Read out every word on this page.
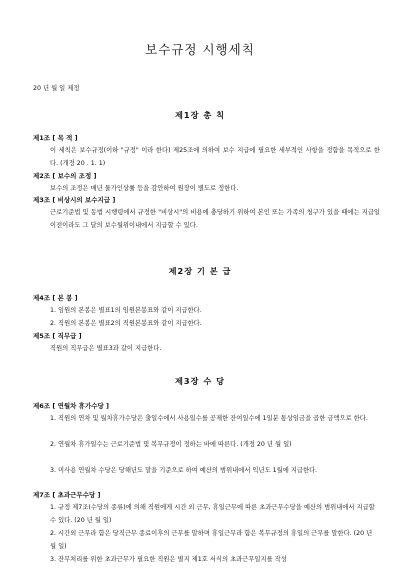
보수규정 시행세칙
20 년 월 일 제정
제1장 총 칙
제1조 [ 목 적 ]
이 세칙은 보수규정(이하 "규정" 이라 한다) 제25조에 의하여 보수 지급에 필요한 세부적인 사항을 정함을 목적으로 한다. (개정 20 . 1. 1)
제2조 [ 보수의 조정 ]
보수의 조정은 매년 물가인상률 등을 감안하여 원장이 별도로 정한다.
제3조 [ 비상시의 보수지급 ]
근로기준법 및 동법 시행령에서 규정한 "비상시"의 비용에 충당하기 위하여 본인 또는 가족의 청구가 있을 때에는 지급일 이전이라도 그 달의 보수월위이내에서 지급할 수 있다.
제2장 기 본 급
제4조 [ 본 봉 ]
1. 임원의 본봉은 별표1의 임원본봉표와 같이 지급한다.
2. 직원의 본봉은 별표2의 직원본봉표와 같이 지급한다.
제5조 [ 직무급 ]
직원의 직무급은 별표3과 같이 지급한다.
제3장 수 당
제6조 [ 연월차 휴가수당 ]
1. 직원의 연차 및 월차휴가수당은 출일수에서 사용일수를 공제한 잔여일수에 1일분 통상임금을 곱한 금액으로 한다.
2. 연월차 휴가일수는 근로기준법 및 복무규정이 정하는 바에 따른다. (개정 20 년 월 일)
3. 미사용 연월차 수당은 당해년도 말을 기준으로 하여 예산의 범위내에서 익년도 1월에 지급한다.
제7조 [ 초과근무수당 ]
1. 규정 제7조(수당의 종류)에 의해 직원에게 시간 외 근무, 휴일근무에 따른 초과근무수당을 예산의 범위내에서 지급할 수 있다. (20 년 월 일)
2. 시간외 근무라 함은 당직근무 종료이후의 근무를 말하며 휴일근무라 함은 복무규정의 휴일의 근무를 말한다. (20 년 월 일)
3. 잔무처리를 위한 초과근무가 필요한 직원은 별지 제1호 서식의 초과근무일지를 작성
